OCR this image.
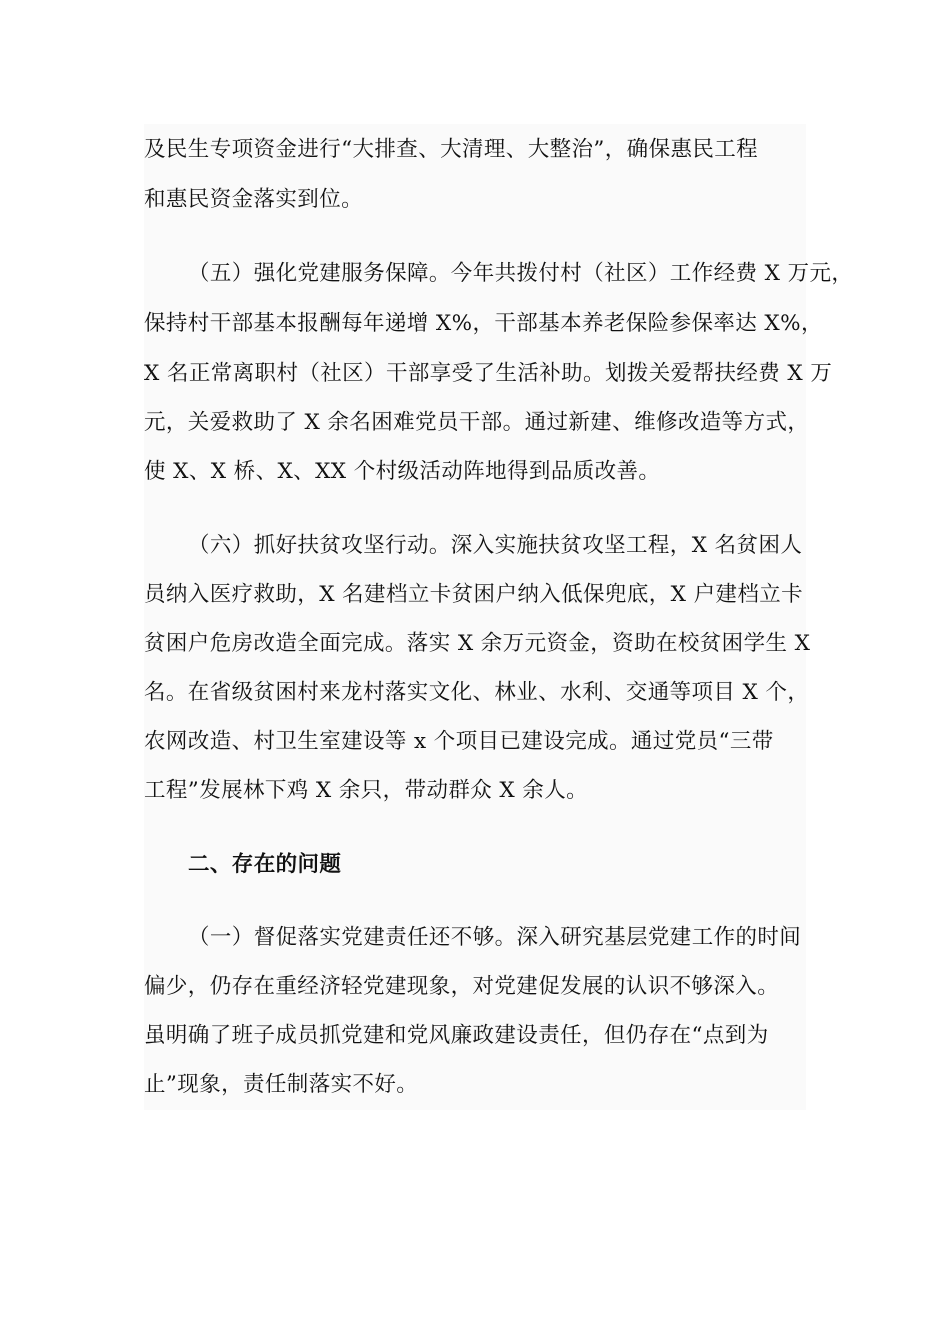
及民生专项资金进行“大排查、大清理、大整治”，确保惠民工程
和惠民资金落实到位。
（五）强化党建服务保障。今年共拨付村（社区）工作经费 X 万元，
保持村干部基本报酬每年递增 X%，干部基本养老保险参保率达 X%，
X 名正常离职村（社区）干部享受了生活补助。划拨关爱帮扶经费 X 万
元，关爱救助了 X 余名困难党员干部。通过新建、维修改造等方式，
使 X、X 桥、X、XX 个村级活动阵地得到品质改善。
（六）抓好扶贫攻坚行动。深入实施扶贫攻坚工程，X 名贫困人
员纳入医疗救助，X 名建档立卡贫困户纳入低保兜底，X 户建档立卡
贫困户危房改造全面完成。落实 X 余万元资金，资助在校贫困学生 X
名。在省级贫困村来龙村落实文化、林业、水利、交通等项目 X 个，
农网改造、村卫生室建设等 x 个项目已建设完成。通过党员“三带
工程”发展林下鸡 X 余只，带动群众 X 余人。
二、存在的问题
（一）督促落实党建责任还不够。深入研究基层党建工作的时间
偏少，仍存在重经济轻党建现象，对党建促发展的认识不够深入。
虽明确了班子成员抓党建和党风廉政建设责任，但仍存在“点到为
止”现象，责任制落实不好。
